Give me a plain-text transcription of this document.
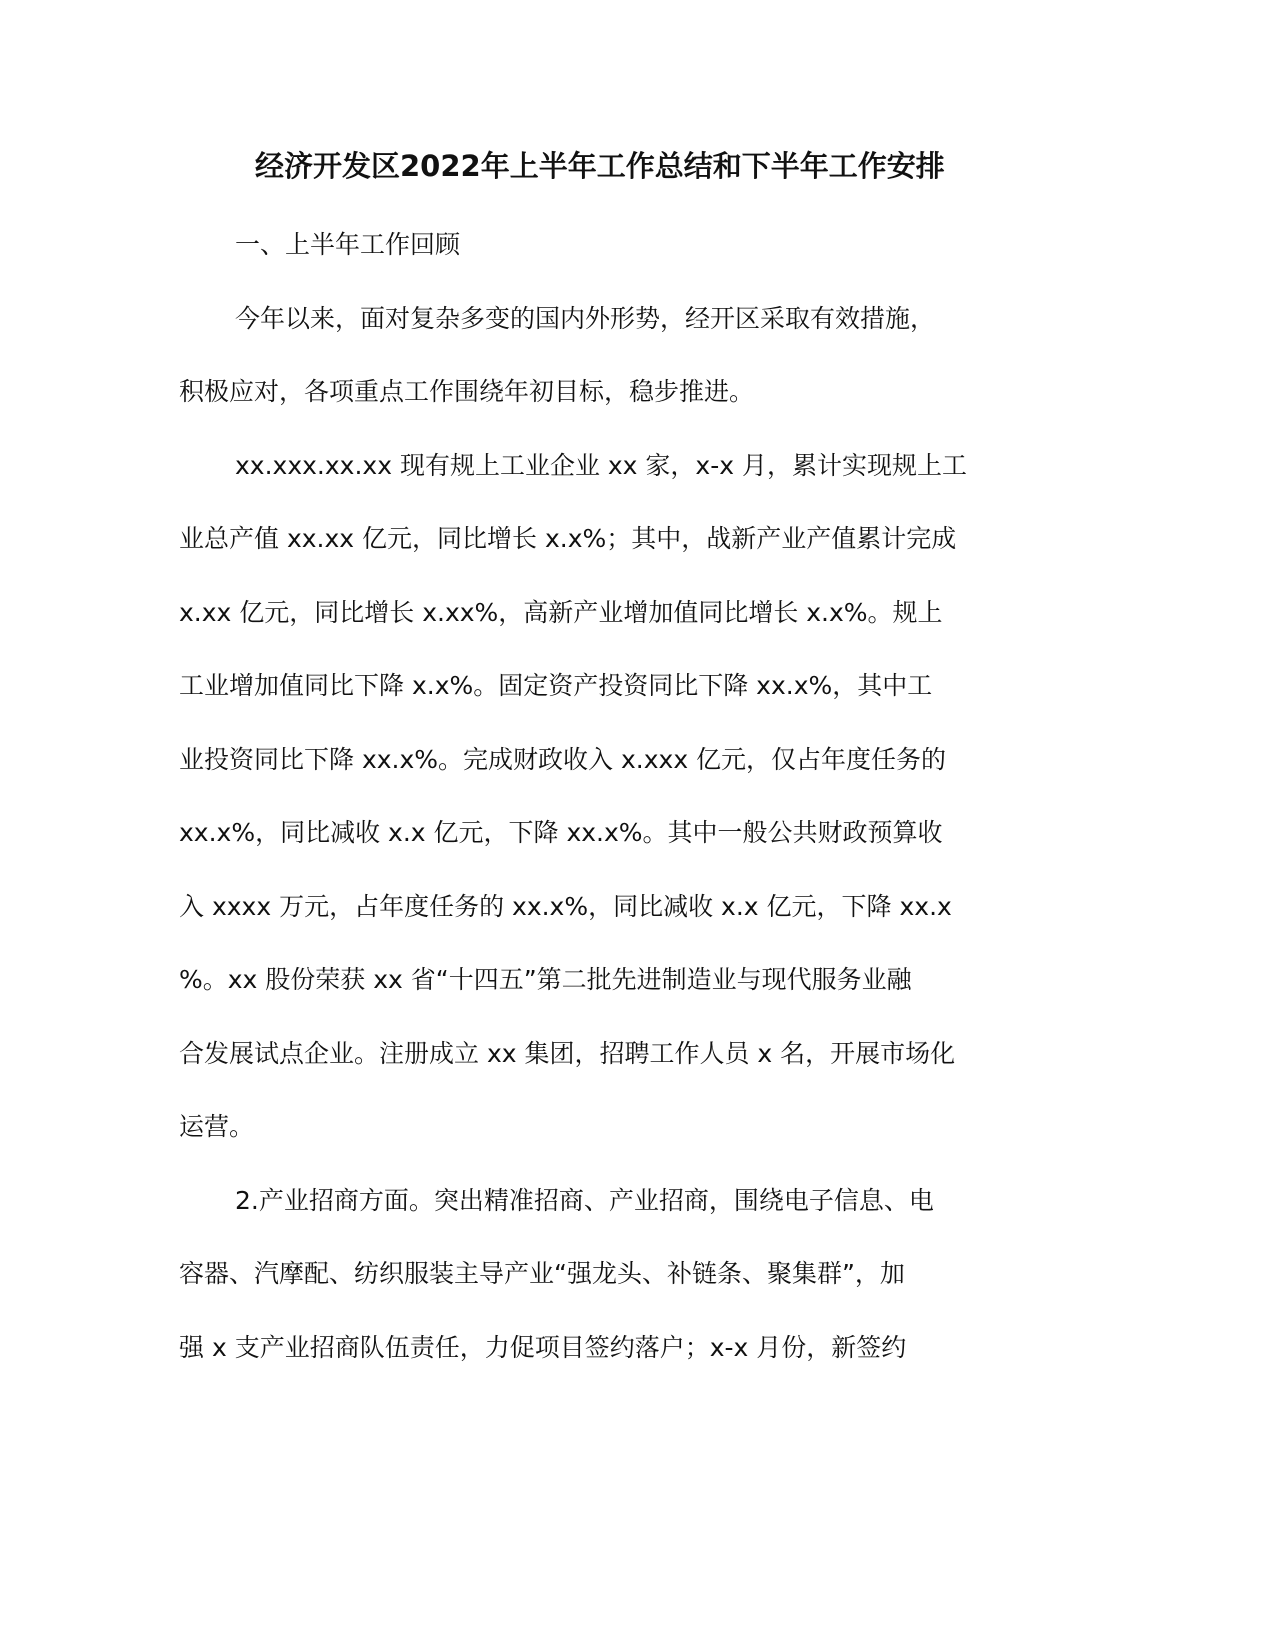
经济开发区2022年上半年工作总结和下半年工作安排

一、上半年工作回顾

今年以来，面对复杂多变的国内外形势，经开区采取有效措施，

积极应对，各项重点工作围绕年初目标，稳步推进。

xx.xxx.xx.xx 现有规上工业企业 xx 家，x-x 月，累计实现规上工

业总产值 xx.xx 亿元，同比增长 x.x%；其中，战新产业产值累计完成

x.xx 亿元，同比增长 x.xx%，高新产业增加值同比增长 x.x%。规上

工业增加值同比下降 x.x%。固定资产投资同比下降 xx.x%，其中工

业投资同比下降 xx.x%。完成财政收入 x.xxx 亿元，仅占年度任务的

xx.x%，同比减收 x.x 亿元，下降 xx.x%。其中一般公共财政预算收

入 xxxx 万元，占年度任务的 xx.x%，同比减收 x.x 亿元，下降 xx.x

%。xx 股份荣获 xx 省“十四五”第二批先进制造业与现代服务业融

合发展试点企业。注册成立 xx 集团，招聘工作人员 x 名，开展市场化

运营。

2.产业招商方面。突出精准招商、产业招商，围绕电子信息、电

容器、汽摩配、纺织服装主导产业“强龙头、补链条、聚集群”，加

强 x 支产业招商队伍责任，力促项目签约落户；x-x 月份，新签约
